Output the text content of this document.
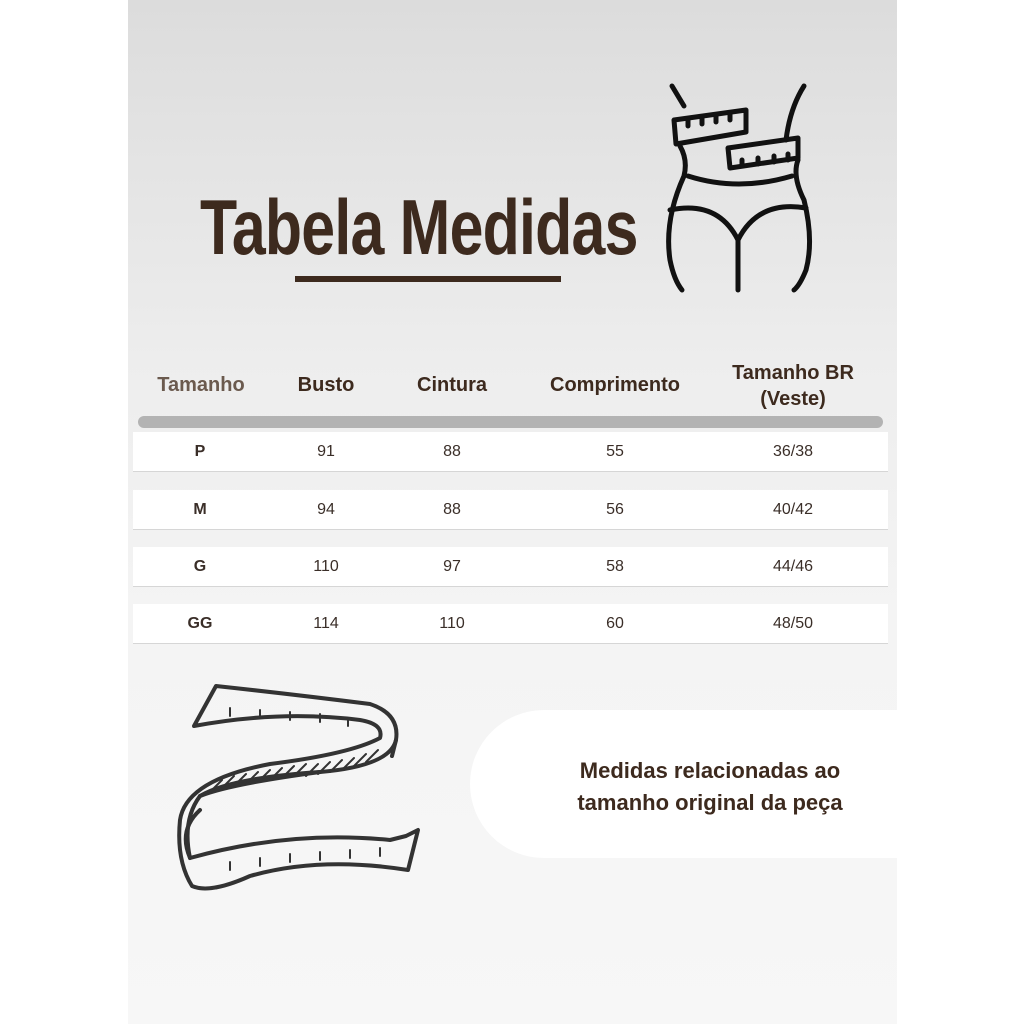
Tabela Medidas
Tamanho	Busto	Cintura	Comprimento
Tamanho BR
(Veste)
P	91	88	55	36/38
M	94	88	56	40/42
G	110	97	58	44/46
GG	114	110	60	48/50
Medidas relacionadas ao
tamanho original da peça
